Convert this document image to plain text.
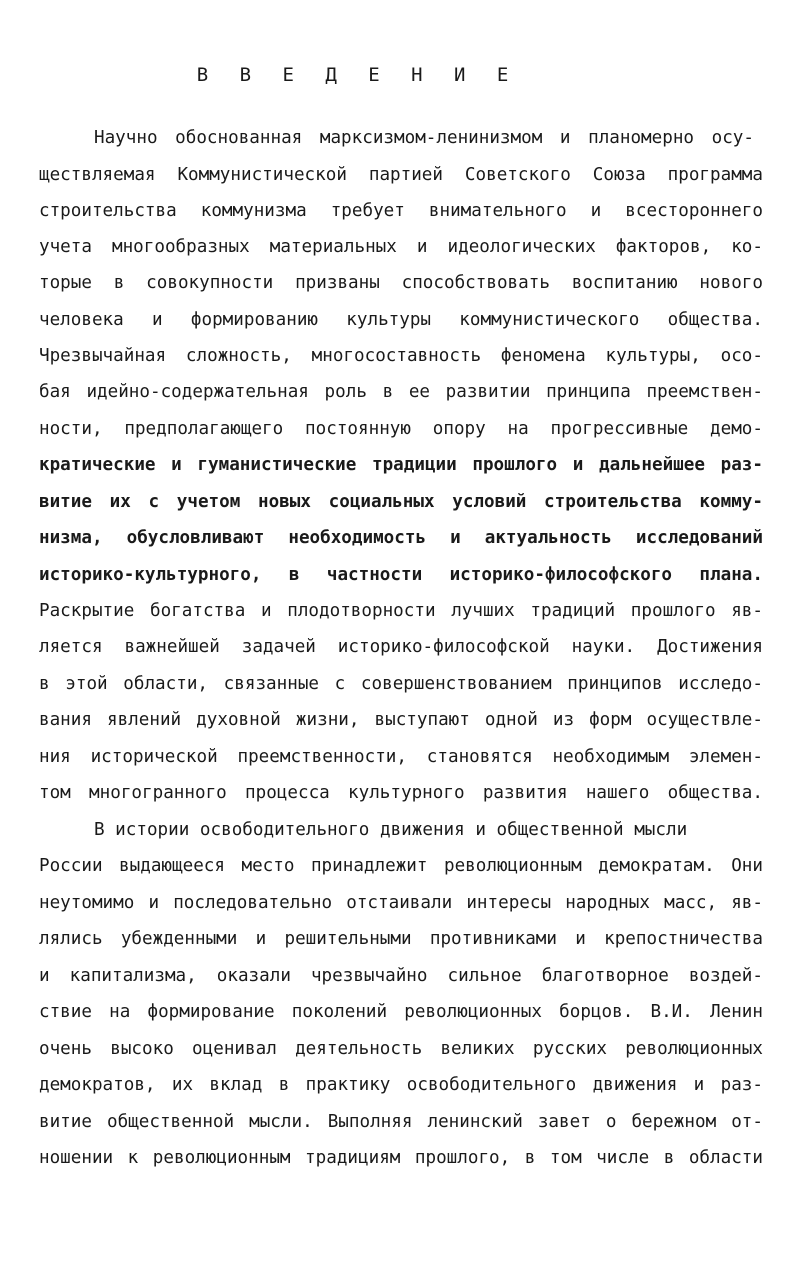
В В Е Д Е Н И Е
Научно обоснованная марксизмом-ленинизмом и планомерно осу-
ществляемая Коммунистической партией Советского Союза программа
строительства коммунизма требует внимательного и всестороннего
учета многообразных материальных и идеологических факторов, ко-
торые в совокупности призваны способствовать воспитанию нового
человека и формированию культуры коммунистического общества.
Чрезвычайная сложность, многосоставность феномена культуры, осо-
бая идейно-содержательная роль в ее развитии принципа преемствен-
ности, предполагающего постоянную опору на прогрессивные демо-
кратические и гуманистические традиции прошлого и дальнейшее раз-
витие их с учетом новых социальных условий строительства комму-
низма, обусловливают необходимость и актуальность исследований
историко-культурного, в частности историко-философского плана.
Раскрытие богатства и плодотворности лучших традиций прошлого яв-
ляется важнейшей задачей историко-философской науки. Достижения
в этой области, связанные с совершенствованием принципов исследо-
вания явлений духовной жизни, выступают одной из форм осуществле-
ния исторической преемственности, становятся необходимым элемен-
том многогранного процесса культурного развития нашего общества.
В истории освободительного движения и общественной мысли
России выдающееся место принадлежит революционным демократам. Они
неутомимо и последовательно отстаивали интересы народных масс, яв-
лялись убежденными и решительными противниками и крепостничества
и капитализма, оказали чрезвычайно сильное благотворное воздей-
ствие на формирование поколений революционных борцов. В.И. Ленин
очень высоко оценивал деятельность великих русских революционных
демократов, их вклад в практику освободительного движения и раз-
витие общественной мысли. Выполняя ленинский завет о бережном от-
ношении к революционным традициям прошлого, в том числе в области
